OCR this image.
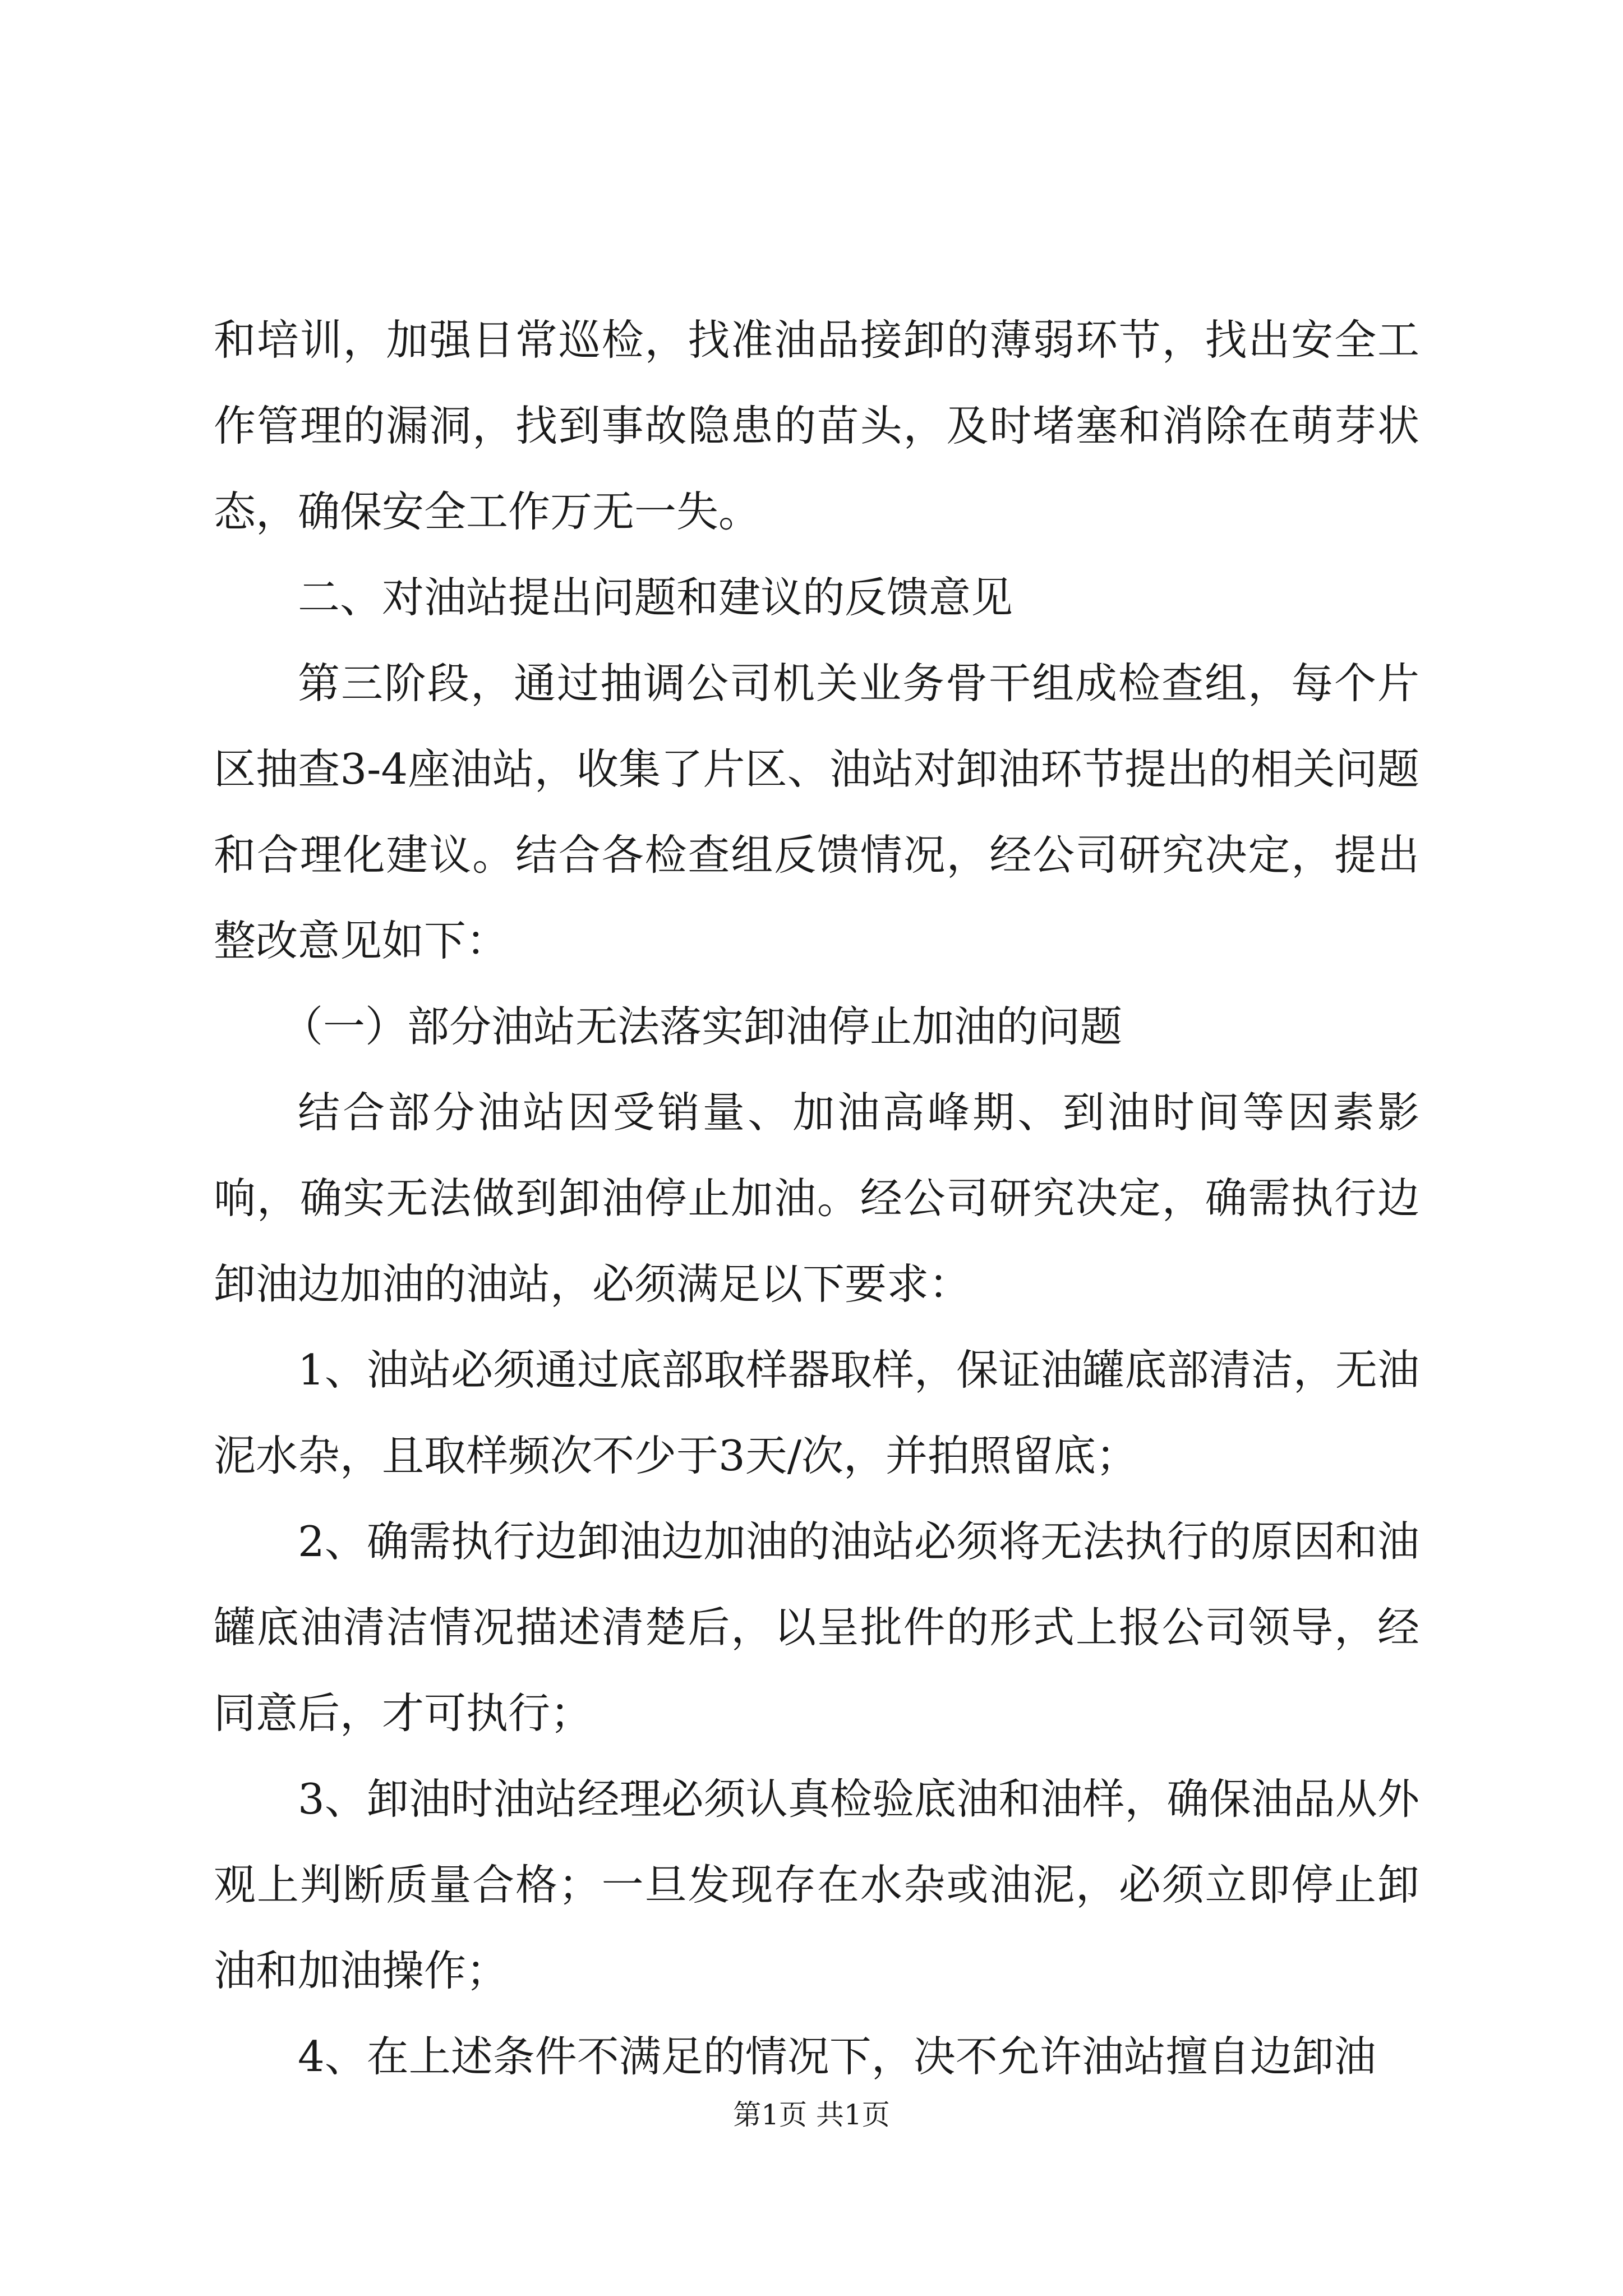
和培训，加强日常巡检，找准油品接卸的薄弱环节，找出安全工作管理的漏洞，找到事故隐患的苗头，及时堵塞和消除在萌芽状态，确保安全工作万无一失。

二、对油站提出问题和建议的反馈意见

第三阶段，通过抽调公司机关业务骨干组成检查组，每个片区抽查3-4座油站，收集了片区、油站对卸油环节提出的相关问题和合理化建议。结合各检查组反馈情况，经公司研究决定，提出整改意见如下：

（一）部分油站无法落实卸油停止加油的问题

结合部分油站因受销量、加油高峰期、到油时间等因素影响，确实无法做到卸油停止加油。经公司研究决定，确需执行边卸油边加油的油站，必须满足以下要求：

1、油站必须通过底部取样器取样，保证油罐底部清洁，无油泥水杂，且取样频次不少于3天/次，并拍照留底；

2、确需执行边卸油边加油的油站必须将无法执行的原因和油罐底油清洁情况描述清楚后，以呈批件的形式上报公司领导，经同意后，才可执行；

3、卸油时油站经理必须认真检验底油和油样，确保油品从外观上判断质量合格；一旦发现存在水杂或油泥，必须立即停止卸油和加油操作；

4、在上述条件不满足的情况下，决不允许油站擅自边卸油

第1页 共1页
